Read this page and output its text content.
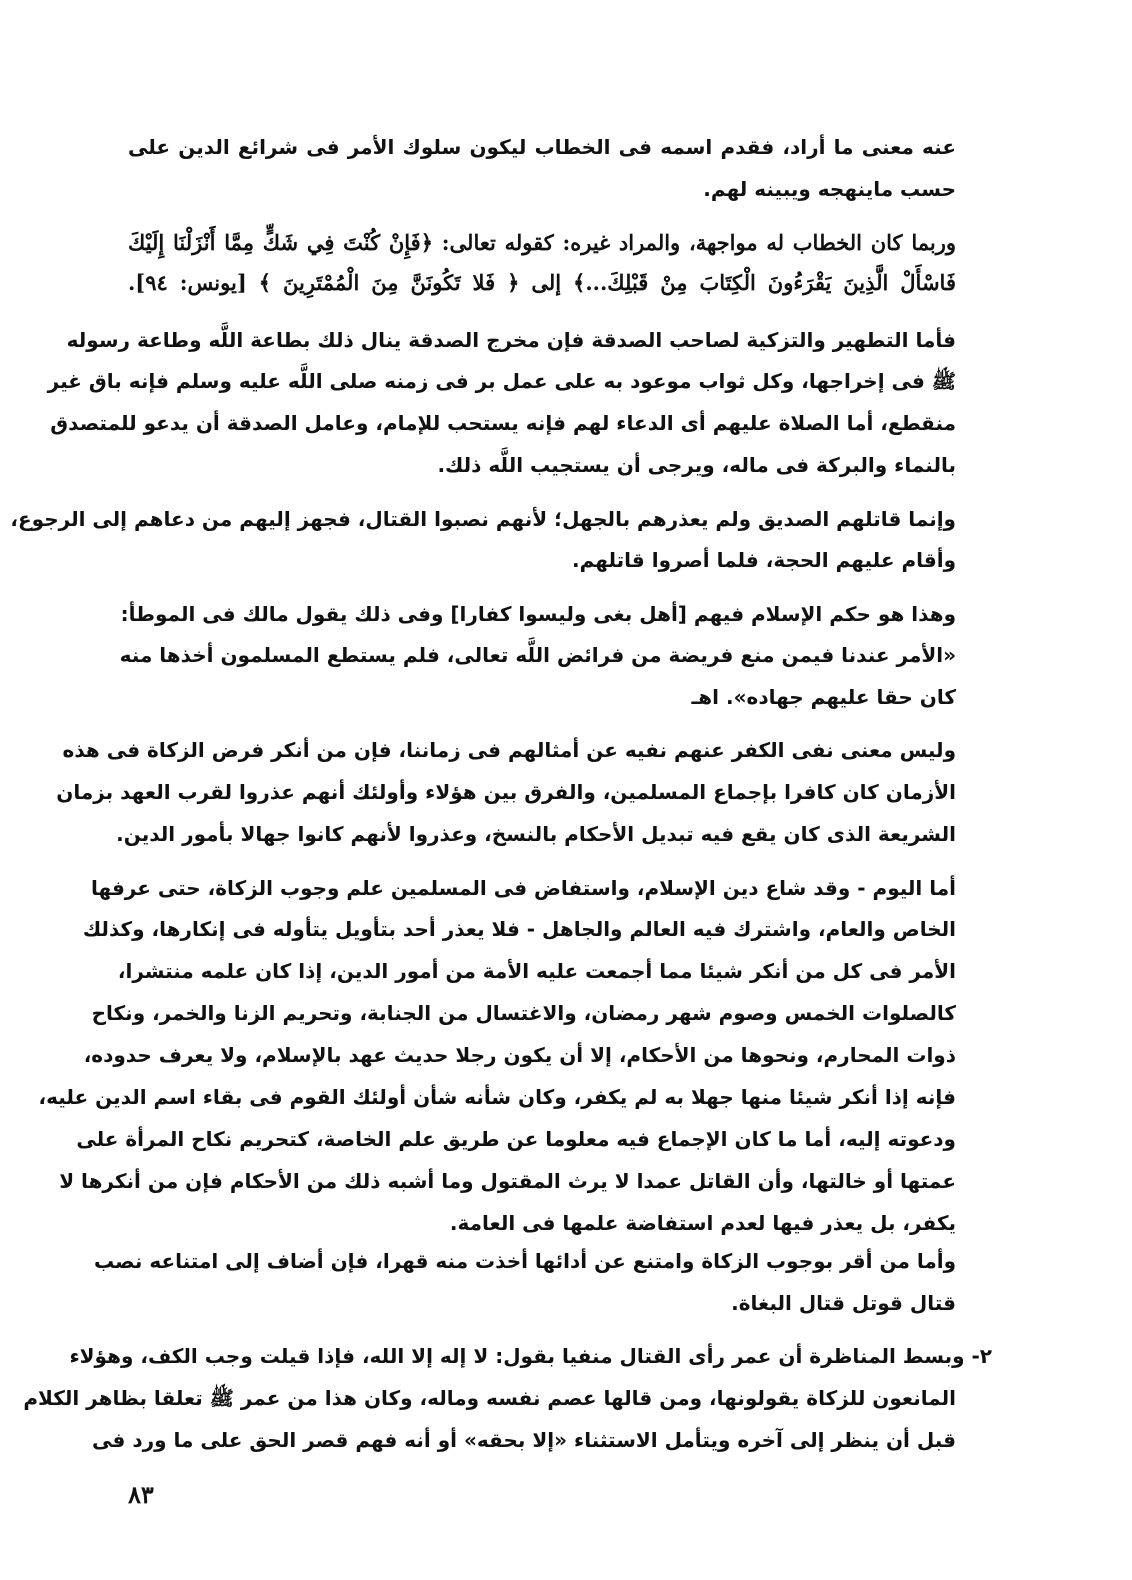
عنه معنى ما أراد، فقدم اسمه فى الخطاب ليكون سلوك الأمر فى شرائع الدين على
حسب ماينهجه ويبينه لهم.
وربما كان الخطاب له مواجهة، والمراد غيره: كقوله تعالى: ﴿فَإِنْ كُنْتَ فِي شَكٍّ مِمَّا أَنْزَلْنَا إِلَيْكَ
فَاسْأَلْ الَّذِينَ يَقْرَءُونَ الْكِتَابَ مِنْ قَبْلِكَ...﴾ إلى ﴿ فَلا تَكُونَنَّ مِنَ الْمُمْتَرِينَ ﴾ [يونس: ٩٤].
فأما التطهير والتزكية لصاحب الصدقة فإن مخرج الصدقة ينال ذلك بطاعة اللَّه وطاعة رسوله
ﷺ فى إخراجها، وكل ثواب موعود به على عمل بر فى زمنه صلى اللَّه عليه وسلم فإنه باق غير
منقطع، أما الصلاة عليهم أى الدعاء لهم فإنه يستحب للإمام، وعامل الصدقة أن يدعو للمتصدق
بالنماء والبركة فى ماله، ويرجى أن يستجيب اللَّه ذلك.
وإنما قاتلهم الصديق ولم يعذرهم بالجهل؛ لأنهم نصبوا القتال، فجهز إليهم من دعاهم إلى الرجوع،
وأقام عليهم الحجة، فلما أصروا قاتلهم.
وهذا هو حكم الإسلام فيهم [أهل بغى وليسوا كفارا] وفى ذلك يقول مالك فى الموطأ:
«الأمر عندنا فيمن منع فريضة من فرائض اللَّه تعالى، فلم يستطع المسلمون أخذها منه
كان حقا عليهم جهاده». اهـ
وليس معنى نفى الكفر عنهم نفيه عن أمثالهم فى زماننا، فإن من أنكر فرض الزكاة فى هذه
الأزمان كان كافرا بإجماع المسلمين، والفرق بين هؤلاء وأولئك أنهم عذروا لقرب العهد بزمان
الشريعة الذى كان يقع فيه تبديل الأحكام بالنسخ، وعذروا لأنهم كانوا جهالا بأمور الدين.
أما اليوم - وقد شاع دين الإسلام، واستفاض فى المسلمين علم وجوب الزكاة، حتى عرفها
الخاص والعام، واشترك فيه العالم والجاهل - فلا يعذر أحد بتأويل يتأوله فى إنكارها، وكذلك
الأمر فى كل من أنكر شيئا مما أجمعت عليه الأمة من أمور الدين، إذا كان علمه منتشرا،
كالصلوات الخمس وصوم شهر رمضان، والاغتسال من الجنابة، وتحريم الزنا والخمر، ونكاح
ذوات المحارم، ونحوها من الأحكام، إلا أن يكون رجلا حديث عهد بالإسلام، ولا يعرف حدوده،
فإنه إذا أنكر شيئا منها جهلا به لم يكفر، وكان شأنه شأن أولئك القوم فى بقاء اسم الدين عليه،
ودعوته إليه، أما ما كان الإجماع فيه معلوما عن طريق علم الخاصة، كتحريم نكاح المرأة على
عمتها أو خالتها، وأن القاتل عمدا لا يرث المقتول وما أشبه ذلك من الأحكام فإن من أنكرها لا
يكفر، بل يعذر فيها لعدم استفاضة علمها فى العامة.
وأما من أقر بوجوب الزكاة وامتنع عن أدائها أخذت منه قهرا، فإن أضاف إلى امتناعه نصب
قتال قوتل قتال البغاة.
٢- وبسط المناظرة أن عمر رأى القتال منفيا بقول: لا إله إلا الله، فإذا قيلت وجب الكف، وهؤلاء
المانعون للزكاة يقولونها، ومن قالها عصم نفسه وماله، وكان هذا من عمر ﷺ تعلقا بظاهر الكلام
قبل أن ينظر إلى آخره ويتأمل الاستثناء «إلا بحقه» أو أنه فهم قصر الحق على ما ورد فى
٨٣
